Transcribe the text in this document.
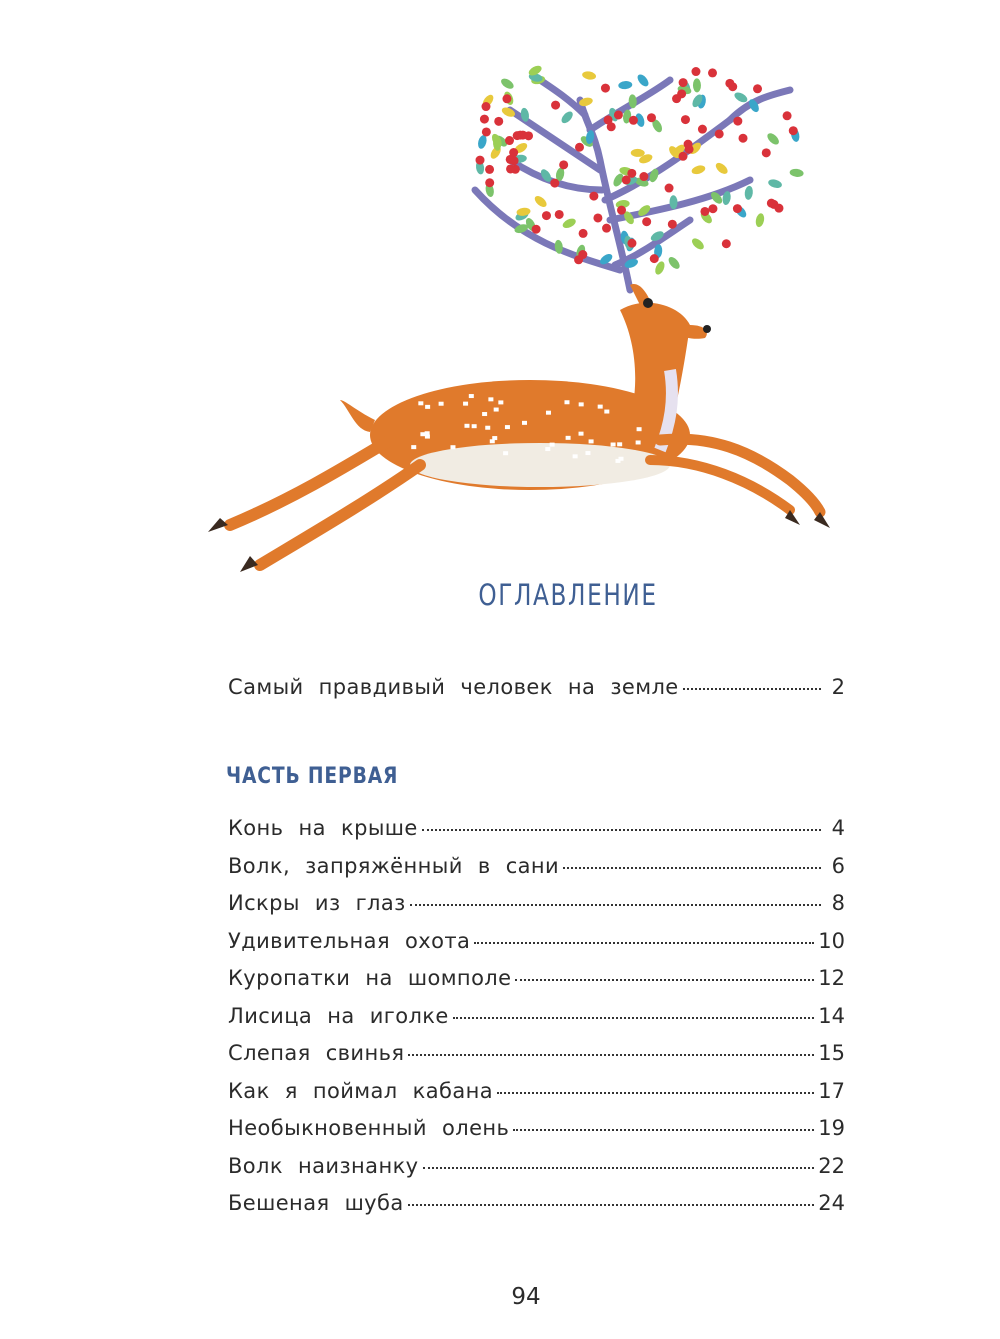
ОГЛАВЛЕНИЕ
Самый правдивый человек на земле	2
ЧАСТЬ ПЕРВАЯ
Конь на крыше	4
Волк, запряжённый в сани	6
Искры из глаз	8
Удивительная охота	10
Куропатки на шомполе	12
Лисица на иголке	14
Слепая свинья	15
Как я поймал кабана	17
Необыкновенный олень	19
Волк наизнанку	22
Бешеная шуба	24
94
